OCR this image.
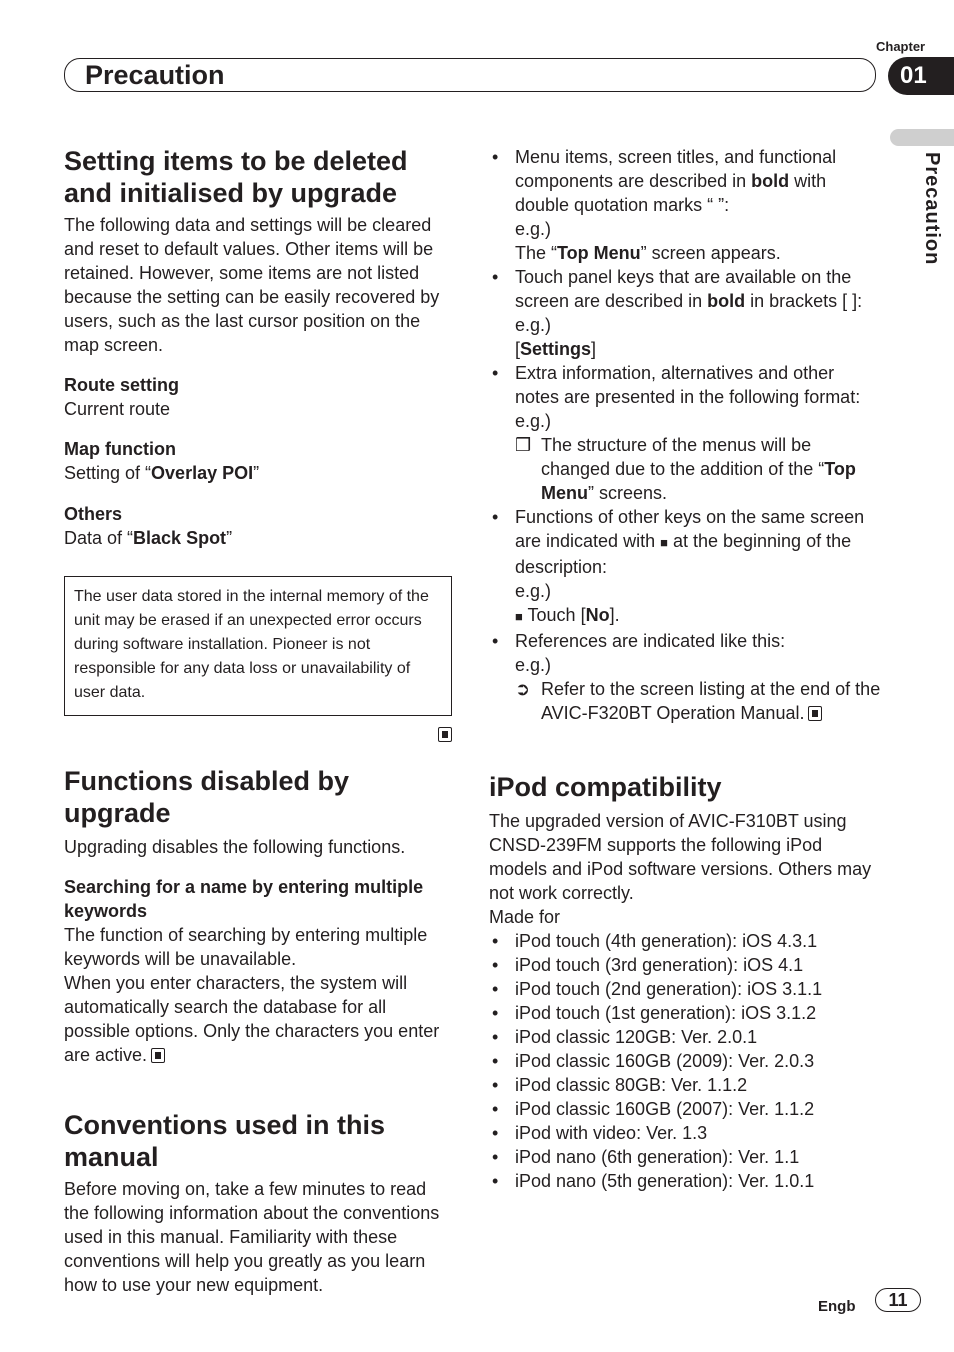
Chapter
Precaution	01
Precaution
Setting items to be deleted and initialised by upgrade

The following data and settings will be cleared and reset to default values. Other items will be retained. However, some items are not listed because the setting can be easily recovered by users, such as the last cursor position on the map screen.

Route setting

Current route

Map function

Setting of “Overlay POI”

Others

Data of “Black Spot”

The user data stored in the internal memory of the unit may be erased if an unexpected error occurs during software installation. Pioneer is not responsible for any data loss or unavailability of user data.
Functions disabled by upgrade

Upgrading disables the following functions.

Searching for a name by entering multiple keywords

The function of searching by entering multiple keywords will be unavailable.

When you enter characters, the system will automatically search the database for all possible options. Only the characters you enter are active.

Conventions used in this manual

Before moving on, take a few minutes to read the following information about the conventions used in this manual. Familiarity with these conventions will help you greatly as you learn how to use your new equipment.

• Menu items, screen titles, and functional components are described in bold with double quotation marks “ ”:
e.g.)
The “Top Menu” screen appears.
• Touch panel keys that are available on the screen are described in bold in brackets [ ]:
e.g.)
[Settings]
• Extra information, alternatives and other notes are presented in the following format:
e.g.)
❒ The structure of the menus will be changed due to the addition of the “Top Menu” screens.
• Functions of other keys on the same screen are indicated with ■ at the beginning of the description:
e.g.)
■ Touch [No].
• References are indicated like this:
e.g.)
➲ Refer to the screen listing at the end of the AVIC-F320BT Operation Manual.
iPod compatibility

The upgraded version of AVIC-F310BT using CNSD-239FM supports the following iPod models and iPod software versions. Others may not work correctly.

Made for

• iPod touch (4th generation): iOS 4.3.1
• iPod touch (3rd generation): iOS 4.1
• iPod touch (2nd generation): iOS 3.1.1
• iPod touch (1st generation): iOS 3.1.2
• iPod classic 120GB: Ver. 2.0.1
• iPod classic 160GB (2009): Ver. 2.0.3
• iPod classic 80GB: Ver. 1.1.2
• iPod classic 160GB (2007): Ver. 1.1.2
• iPod with video: Ver. 1.3
• iPod nano (6th generation): Ver. 1.1
• iPod nano (5th generation): Ver. 1.0.1
Engb	11
